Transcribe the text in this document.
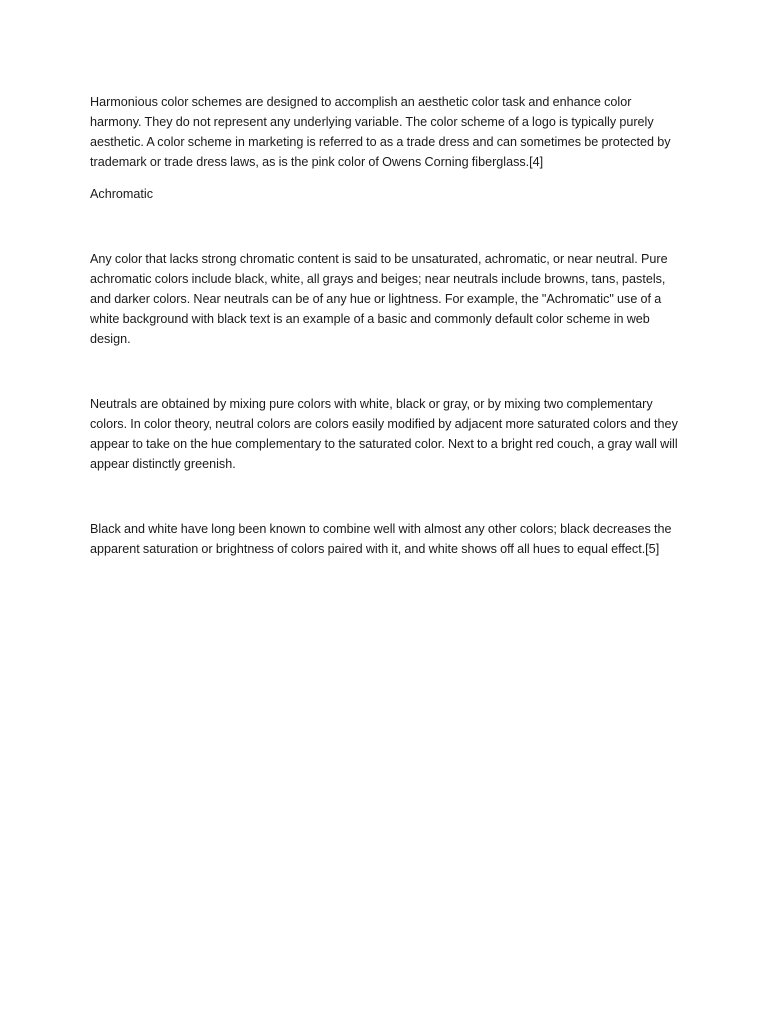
Harmonious color schemes are designed to accomplish an aesthetic color task and enhance color harmony. They do not represent any underlying variable. The color scheme of a logo is typically purely aesthetic. A color scheme in marketing is referred to as a trade dress and can sometimes be protected by trademark or trade dress laws, as is the pink color of Owens Corning fiberglass.[4]

Achromatic

Any color that lacks strong chromatic content is said to be unsaturated, achromatic, or near neutral. Pure achromatic colors include black, white, all grays and beiges; near neutrals include browns, tans, pastels, and darker colors. Near neutrals can be of any hue or lightness. For example, the "Achromatic" use of a white background with black text is an example of a basic and commonly default color scheme in web design.

Neutrals are obtained by mixing pure colors with white, black or gray, or by mixing two complementary colors. In color theory, neutral colors are colors easily modified by adjacent more saturated colors and they appear to take on the hue complementary to the saturated color. Next to a bright red couch, a gray wall will appear distinctly greenish.

Black and white have long been known to combine well with almost any other colors; black decreases the apparent saturation or brightness of colors paired with it, and white shows off all hues to equal effect.[5]
